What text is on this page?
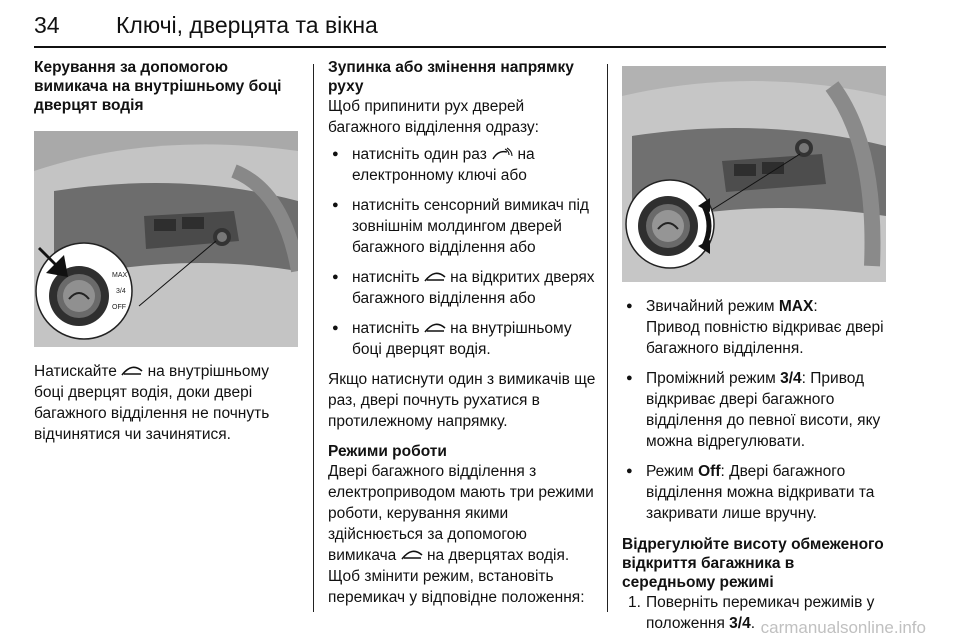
34 Ключі, дверцята та вікна

Керування за допомогою вимикача на внутрішньому боці дверцят водія

MAX
3/4
OFF

Натискайте на внутрішньому боці дверцят водія, доки двері багажного відділення не почнуть відчинятися чи зачинятися.

Зупинка або змінення напрямку руху

Щоб припинити рух дверей багажного відділення одразу:

● натисніть один раз на електронному ключі або
● натисніть сенсорний вимикач під зовнішнім молдингом дверей багажного відділення або
● натисніть на відкритих дверях багажного відділення або
● натисніть на внутрішньому боці дверцят водія.

Якщо натиснути один з вимикачів ще раз, двері почнуть рухатися в протилежному напрямку.

Режими роботи

Двері багажного відділення з електроприводом мають три режими роботи, керування якими здійснюється за допомогою вимикача на дверцятах водія. Щоб змінити режим, встановіть перемикач у відповідне положення:

● Звичайний режим MAX:
Привод повністю відкриває двері багажного відділення.
● Проміжний режим 3/4: Привод відкриває двері багажного відділення до певної висоти, яку можна відрегулювати.
● Режим Off: Двері багажного відділення можна відкривати та закривати лише вручну.

Відрегулюйте висоту обмеженого відкриття багажника в середньому режимі

1. Поверніть перемикач режимів у положення 3/4. carmanualsonline.info
